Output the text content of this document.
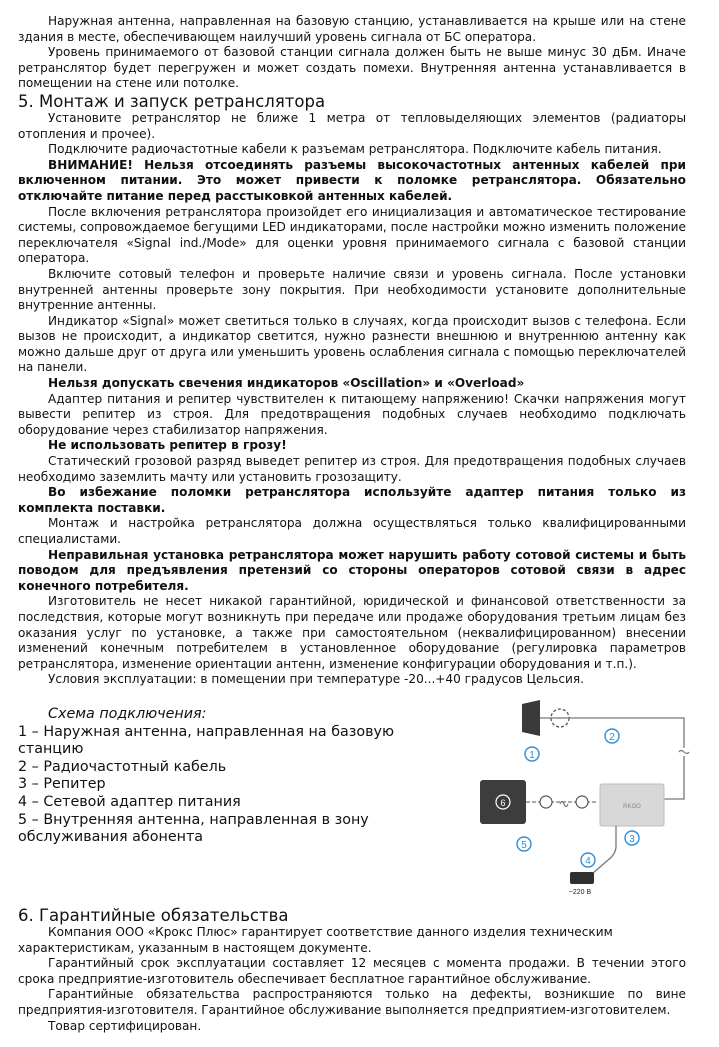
Наружная антенна, направленная на базовую станцию, устанавливается на крыше или на стене здания в месте, обеспечивающем наилучший уровень сигнала от БС оператора.

Уровень принимаемого от базовой станции сигнала должен быть не выше минус 30 дБм. Иначе ретранслятор будет перегружен и может создать помехи. Внутренняя антенна устанавливается в помещении на стене или потолке.

5. Монтаж и запуск ретранслятора

Установите ретранслятор не ближе 1 метра от тепловыделяющих элементов (радиаторы отопления и прочее).

Подключите радиочастотные кабели к разъемам ретранслятора. Подключите кабель питания.

ВНИМАНИЕ! Нельзя отсоединять разъемы высокочастотных антенных кабелей при включенном питании. Это может привести к поломке ретранслятора. Обязательно отключайте питание перед расстыковкой антенных кабелей.

После включения ретранслятора произойдет его инициализация и автоматическое тестирование системы, сопровождаемое бегущими LED индикаторами, после настройки можно изменить положение переключателя «Signal ind./Mode» для оценки уровня принимаемого сигнала с базовой станции оператора.

Включите сотовый телефон и проверьте наличие связи и уровень сигнала. После установки внутренней антенны проверьте зону покрытия. При необходимости установите дополнительные внутренние антенны.

Индикатор «Signal» может светиться только в случаях, когда происходит вызов с телефона. Если вызов не происходит, а индикатор светится, нужно разнести внешнюю и внутреннюю антенну как можно дальше друг от друга или уменьшить уровень ослабления сигнала с помощью переключателей на панели.

Нельзя допускать свечения индикаторов «Oscillation» и «Overload»

Адаптер питания и репитер чувствителен к питающему напряжению! Скачки напряжения могут вывести репитер из строя. Для предотвращения подобных случаев необходимо подключать оборудование через стабилизатор напряжения.

Не использовать репитер в грозу!

Статический грозовой разряд выведет репитер из строя. Для предотвращения подобных случаев необходимо заземлить мачту или установить грозозащиту.

Во избежание поломки ретранслятора используйте адаптер питания только из комплекта поставки.

Монтаж и настройка ретранслятора должна осуществляться только квалифицированными специалистами.

Неправильная установка ретранслятора может нарушить работу сотовой системы и быть поводом для предъявления претензий со стороны операторов сотовой связи в адрес конечного потребителя.

Изготовитель не несет никакой гарантийной, юридической и финансовой ответственности за последствия, которые могут возникнуть при передаче или продаже оборудования третьим лицам без оказания услуг по установке, а также при самостоятельном (неквалифицированном) внесении изменений конечным потребителем в установленное оборудование (регулировка параметров ретранслятора, изменение ориентации антенн, изменение конфигурации оборудования и т.п.).

Условия эксплуатации: в помещении при температуре -20...+40 градусов Цельсия.

Схема подключения:
1 – Наружная антенна, направленная на базовую станцию
2 – Радиочастотный кабель
3 – Репитер
4 – Сетевой адаптер питания
5 – Внутренняя антенна, направленная в зону обслуживания абонента
1
2
6	RKOO
3
5
4
~220 В
6. Гарантийные обязательства

Компания ООО «Крокс Плюс» гарантирует соответствие данного изделия техническим характеристикам, указанным в настоящем документе.

Гарантийный срок эксплуатации составляет 12 месяцев с момента продажи. В течении этого срока предприятие-изготовитель обеспечивает бесплатное гарантийное обслуживание.

Гарантийные обязательства распространяются только на дефекты, возникшие по вине предприятия-изготовителя. Гарантийное обслуживание выполняется предприятием-изготовителем.

Товар сертифицирован.
